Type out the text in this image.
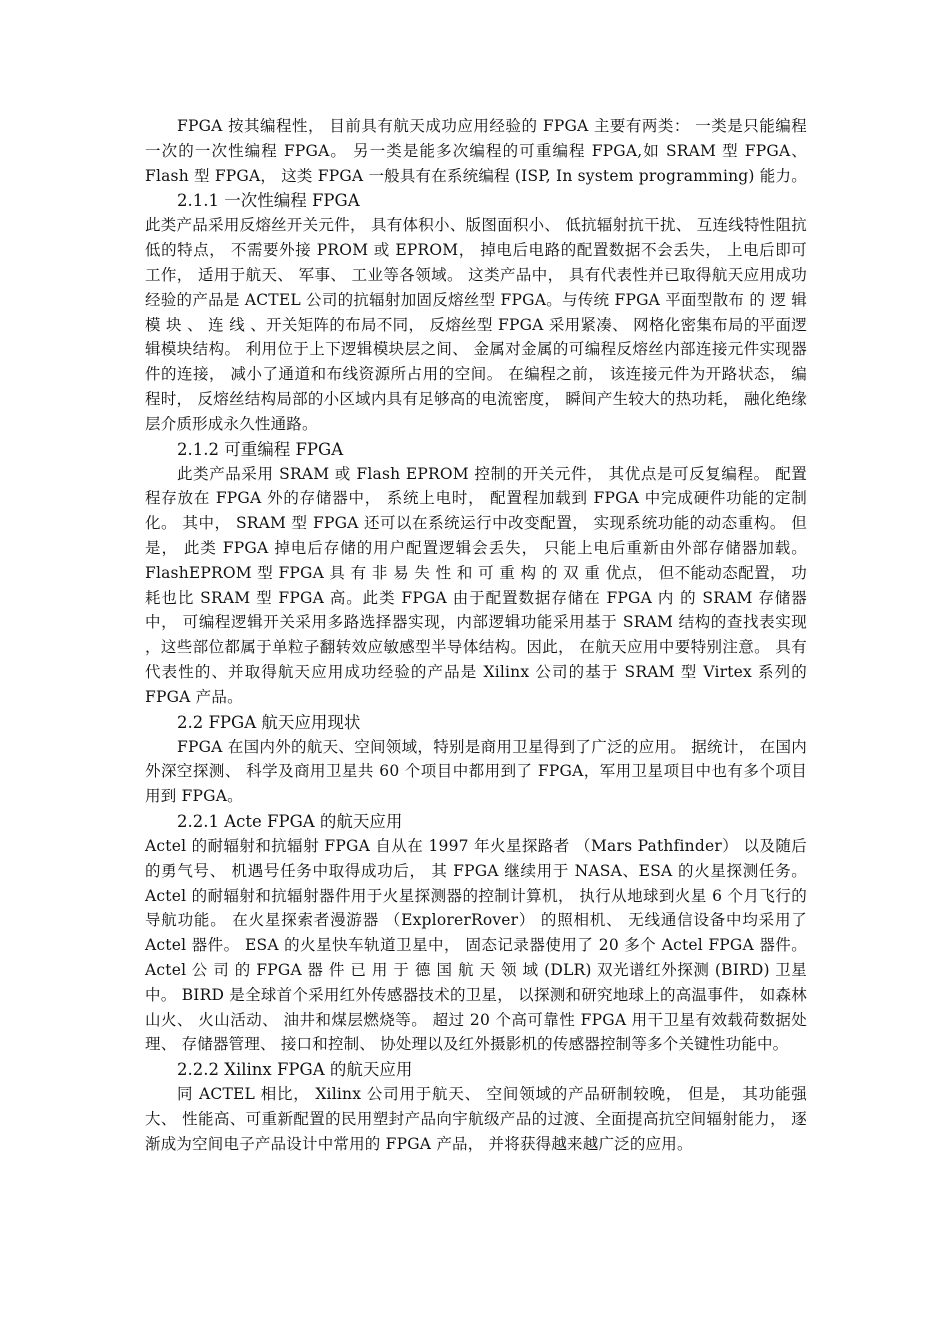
FPGA 按其编程性， 目前具有航天成功应用经验的 FPGA 主要有两类： 一类是只能编程一次的一次性编程 FPGA。 另一类是能多次编程的可重编程 FPGA,如 SRAM 型 FPGA、 Flash 型 FPGA， 这类 FPGA 一般具有在系统编程 (ISP, In system programming) 能力。

2.1.1 一次性编程 FPGA

此类产品采用反熔丝开关元件， 具有体积小、版图面积小、 低抗辐射抗干扰、 互连线特性阻抗低的特点， 不需要外接 PROM 或 EPROM， 掉电后电路的配置数据不会丢失， 上电后即可工作， 适用于航天、 军事、 工业等各领域。 这类产品中， 具有代表性并已取得航天应用成功经验的产品是 ACTEL 公司的抗辐射加固反熔丝型 FPGA。与传统 FPGA 平面型散布 的 逻 辑 模 块 、 连 线 、开关矩阵的布局不同， 反熔丝型 FPGA 采用紧凑、 网格化密集布局的平面逻辑模块结构。 利用位于上下逻辑模块层之间、 金属对金属的可编程反熔丝内部连接元件实现器件的连接， 减小了通道和布线资源所占用的空间。 在编程之前， 该连接元件为开路状态， 编程时， 反熔丝结构局部的小区域内具有足够高的电流密度， 瞬间产生较大的热功耗， 融化绝缘层介质形成永久性通路。

2.1.2 可重编程 FPGA

此类产品采用 SRAM 或 Flash EPROM 控制的开关元件， 其优点是可反复编程。 配置程存放在 FPGA 外的存储器中， 系统上电时， 配置程加载到 FPGA 中完成硬件功能的定制化。 其中， SRAM 型 FPGA 还可以在系统运行中改变配置， 实现系统功能的动态重构。 但是， 此类 FPGA 掉电后存储的用户配置逻辑会丢失， 只能上电后重新由外部存储器加载。FlashEPROM 型 FPGA 具 有 非 易 失 性 和 可 重 构 的 双 重 优点， 但不能动态配置， 功耗也比 SRAM 型 FPGA 高。此类 FPGA 由于配置数据存储在 FPGA 内 的 SRAM 存储器中， 可编程逻辑开关采用多路选择器实现，内部逻辑功能采用基于 SRAM 结构的查找表实现 ，这些部位都属于单粒子翻转效应敏感型半导体结构。因此， 在航天应用中要特别注意。 具有代表性的、并取得航天应用成功经验的产品是 Xilinx 公司的基于 SRAM 型 Virtex 系列的 FPGA 产品。

2.2 FPGA 航天应用现状

FPGA 在国内外的航天、空间领域，特别是商用卫星得到了广泛的应用。 据统计， 在国内外深空探测、 科学及商用卫星共 60 个项目中都用到了 FPGA，军用卫星项目中也有多个项目用到 FPGA。

2.2.1 Acte FPGA 的航天应用

Actel 的耐辐射和抗辐射 FPGA 自从在 1997 年火星探路者 （Mars Pathfinder） 以及随后的勇气号、 机遇号任务中取得成功后， 其 FPGA 继续用于 NASA、ESA 的火星探测任务。 Actel 的耐辐射和抗辐射器件用于火星探测器的控制计算机， 执行从地球到火星 6 个月飞行的导航功能。 在火星探索者漫游器 （ExplorerRover） 的照相机、 无线通信设备中均采用了 Actel 器件。 ESA 的火星快车轨道卫星中， 固态记录器使用了 20 多个 Actel FPGA 器件。Actel 公 司 的 FPGA 器 件 已 用 于 德 国 航 天 领 域 (DLR) 双光谱红外探测 (BIRD) 卫星中。 BIRD 是全球首个采用红外传感器技术的卫星， 以探测和研究地球上的高温事件， 如森林山火、 火山活动、 油井和煤层燃烧等。 超过 20 个高可靠性 FPGA 用干卫星有效载荷数据处理、 存储器管理、 接口和控制、 协处理以及红外摄影机的传感器控制等多个关键性功能中。

2.2.2 Xilinx FPGA 的航天应用

同 ACTEL 相比， Xilinx 公司用于航天、 空间领域的产品研制较晚， 但是， 其功能强大、 性能高、可重新配置的民用塑封产品向宇航级产品的过渡、全面提高抗空间辐射能力， 逐渐成为空间电子产品设计中常用的 FPGA 产品， 并将获得越来越广泛的应用。
